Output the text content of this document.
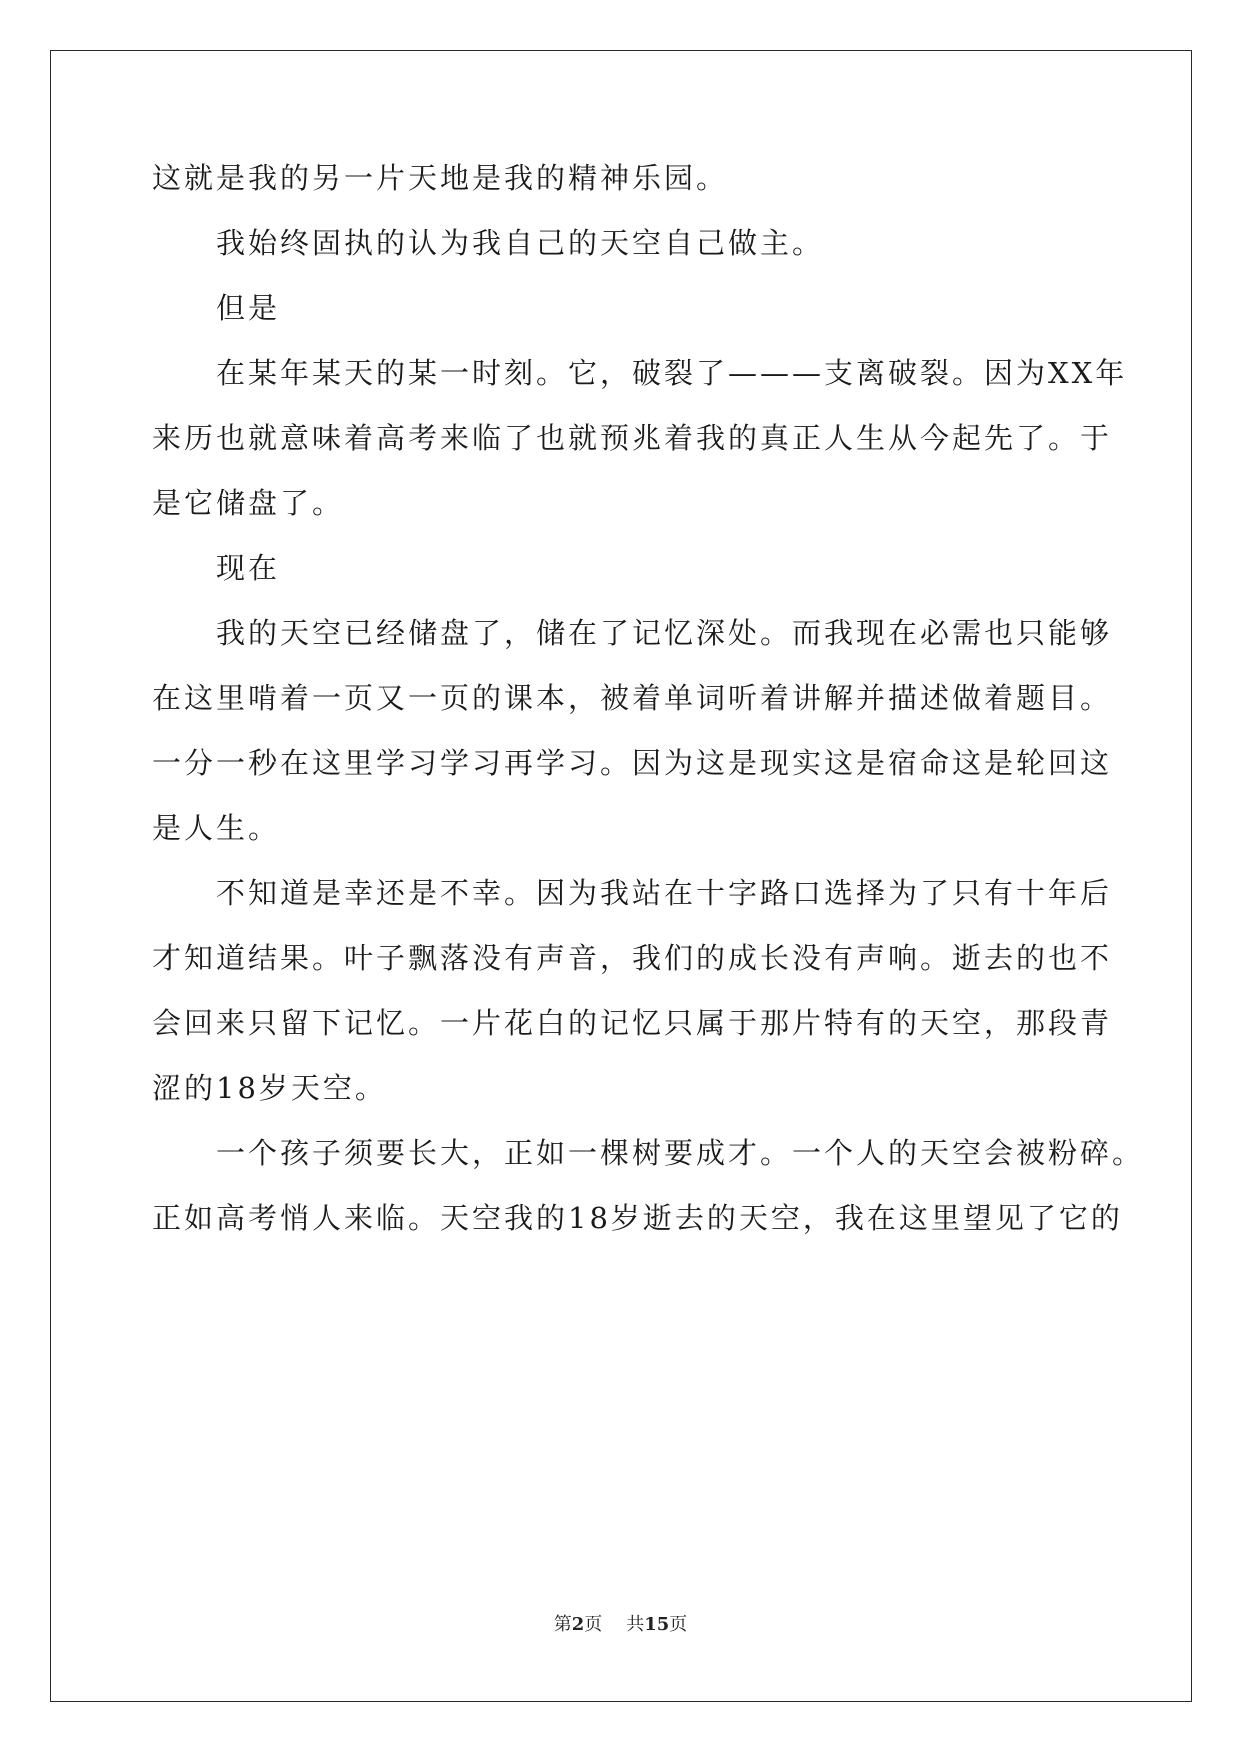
这就是我的另一片天地是我的精神乐园。
我始终固执的认为我自己的天空自己做主。
但是
在某年某天的某一时刻。它，破裂了———支离破裂。因为XX年
来历也就意味着高考来临了也就预兆着我的真正人生从今起先了。于
是它储盘了。
现在
我的天空已经储盘了，储在了记忆深处。而我现在必需也只能够
在这里啃着一页又一页的课本，被着单词听着讲解并描述做着题目。
一分一秒在这里学习学习再学习。因为这是现实这是宿命这是轮回这
是人生。
不知道是幸还是不幸。因为我站在十字路口选择为了只有十年后
才知道结果。叶子飘落没有声音，我们的成长没有声响。逝去的也不
会回来只留下记忆。一片花白的记忆只属于那片特有的天空，那段青
涩的18岁天空。
一个孩子须要长大，正如一棵树要成才。一个人的天空会被粉碎。
正如高考悄人来临。天空我的18岁逝去的天空，我在这里望见了它的
第2页 共15页
